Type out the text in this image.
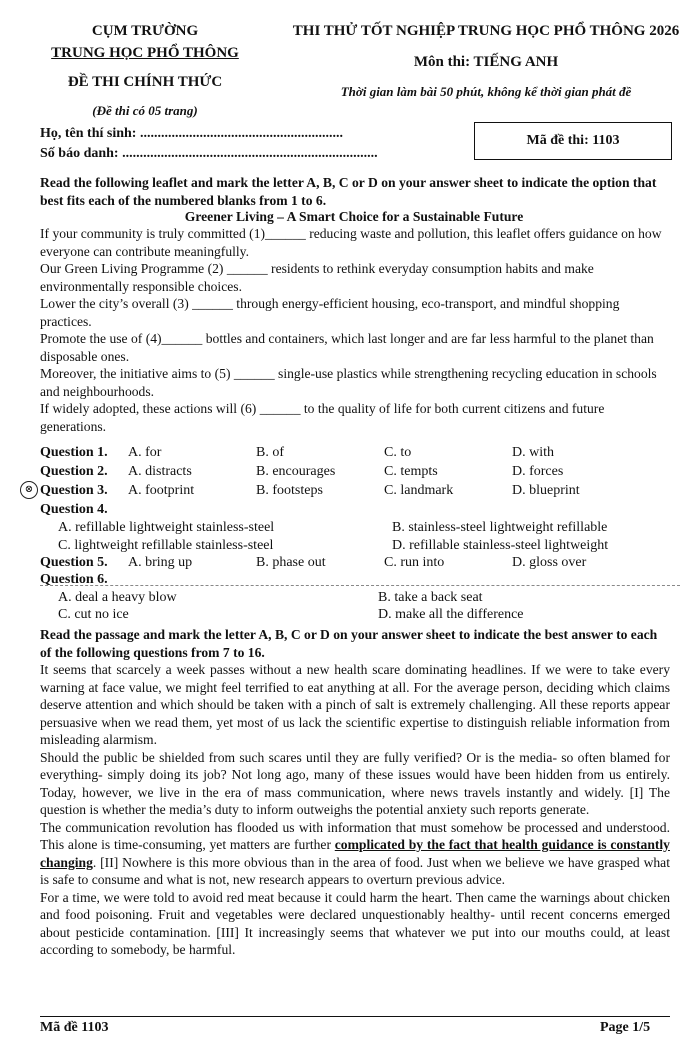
CỤM TRƯỜNG
TRUNG HỌC PHỔ THÔNG
ĐỀ THI CHÍNH THỨC
(Đề thi có 05 trang)
Họ, tên thí sinh: ..........................................................
Số báo danh: .........................................................................
THI THỬ TỐT NGHIỆP TRUNG HỌC PHỔ THÔNG 2026
Môn thi: TIẾNG ANH
Thời gian làm bài 50 phút, không kể thời gian phát đề
Mã đề thi: 1103
Read the following leaflet and mark the letter A, B, C or D on your answer sheet to indicate the option that best fits each of the numbered blanks from 1 to 6.
Greener Living – A Smart Choice for a Sustainable Future
If your community is truly committed (1)______ reducing waste and pollution, this leaflet offers guidance on how everyone can contribute meaningfully.
Our Green Living Programme (2) ______ residents to rethink everyday consumption habits and make environmentally responsible choices.
Lower the city’s overall (3) ______ through energy-efficient housing, eco-transport, and mindful shopping practices.
Promote the use of (4)______ bottles and containers, which last longer and are far less harmful to the planet than disposable ones.
Moreover, the initiative aims to (5) ______ single-use plastics while strengthening recycling education in schools and neighbourhoods.
If widely adopted, these actions will (6) ______ to the quality of life for both current citizens and future generations.
Question 1. A. for	B. of	C. to	D. with
Question 2. A. distracts	B. encourages	C. tempts	D. forces
⊗ Question 3. A. footprint	B. footsteps	C. landmark	D. blueprint
Question 4.
A. refillable lightweight stainless-steel	B. stainless-steel lightweight refillable
C. lightweight refillable stainless-steel	D. refillable stainless-steel lightweight
Question 5. A. bring up	B. phase out	C. run into	D. gloss over
Question 6.
A. deal a heavy blow	B. take a back seat
C. cut no ice	D. make all the difference
Read the passage and mark the letter A, B, C or D on your answer sheet to indicate the best answer to each of the following questions from 7 to 16.
It seems that scarcely a week passes without a new health scare dominating headlines. If we were to take every warning at face value, we might feel terrified to eat anything at all. For the average person, deciding which claims deserve attention and which should be taken with a pinch of salt is extremely challenging. All these reports appear persuasive when we read them, yet most of us lack the scientific expertise to distinguish reliable information from misleading alarmism.
Should the public be shielded from such scares until they are fully verified? Or is the media- so often blamed for everything- simply doing its job? Not long ago, many of these issues would have been hidden from us entirely. Today, however, we live in the era of mass communication, where news travels instantly and widely. [I] The question is whether the media’s duty to inform outweighs the potential anxiety such reports generate.
The communication revolution has flooded us with information that must somehow be processed and understood. This alone is time-consuming, yet matters are further complicated by the fact that health guidance is constantly changing. [II] Nowhere is this more obvious than in the area of food. Just when we believe we have grasped what is safe to consume and what is not, new research appears to overturn previous advice.
For a time, we were told to avoid red meat because it could harm the heart. Then came the warnings about chicken and food poisoning. Fruit and vegetables were declared unquestionably healthy- until recent concerns emerged about pesticide contamination. [III] It increasingly seems that whatever we put into our mouths could, at least according to somebody, be harmful.
Mã đề 1103	Page 1/5
